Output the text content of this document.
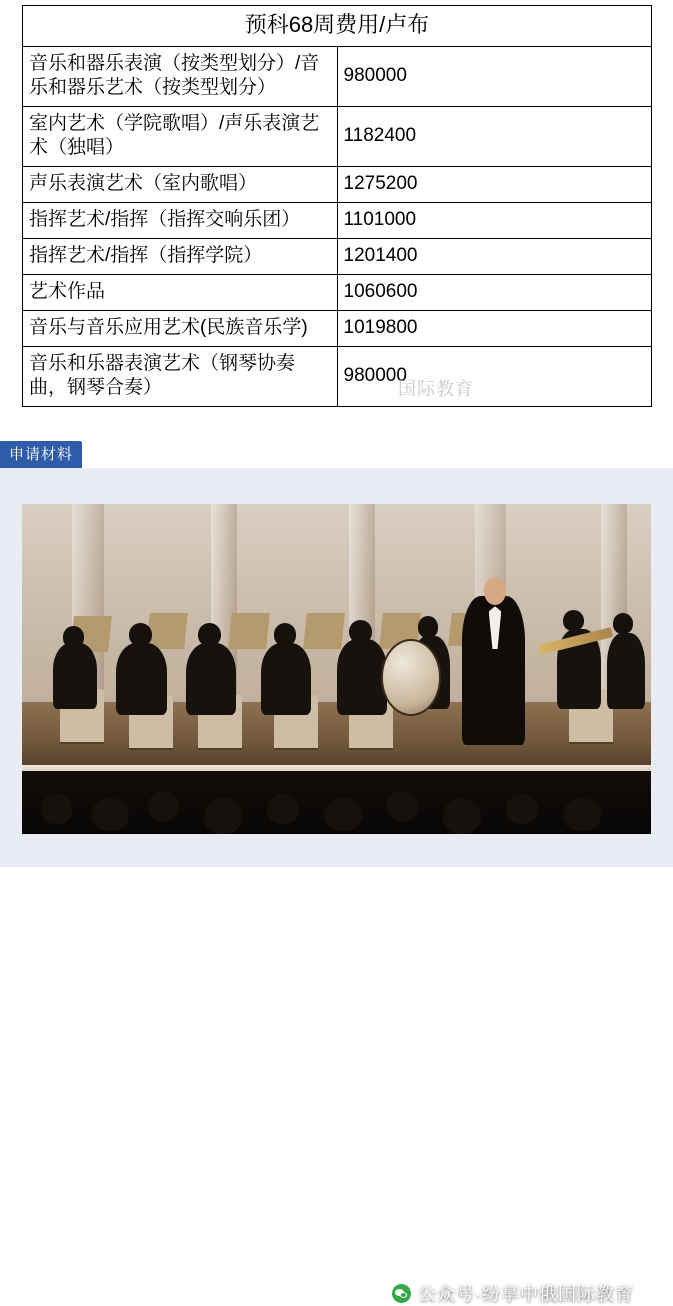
预科68周费用/卢布	
音乐和器乐表演（按类型划分）/音乐和器乐艺术（按类型划分）	980000
室内艺术（学院歌唱）/声乐表演艺术（独唱）	1182400
声乐表演艺术（室内歌唱）	1275200
指挥艺术/指挥（指挥交响乐团）	1101000
指挥艺术/指挥（指挥学院）	1201400
艺术作品	1060600
音乐与音乐应用艺术(民族音乐学)	1019800
音乐和乐器表演艺术（钢琴协奏曲，钢琴合奏）	980000
国际教育
申请材料
公众号·纷享中俄国际教育
